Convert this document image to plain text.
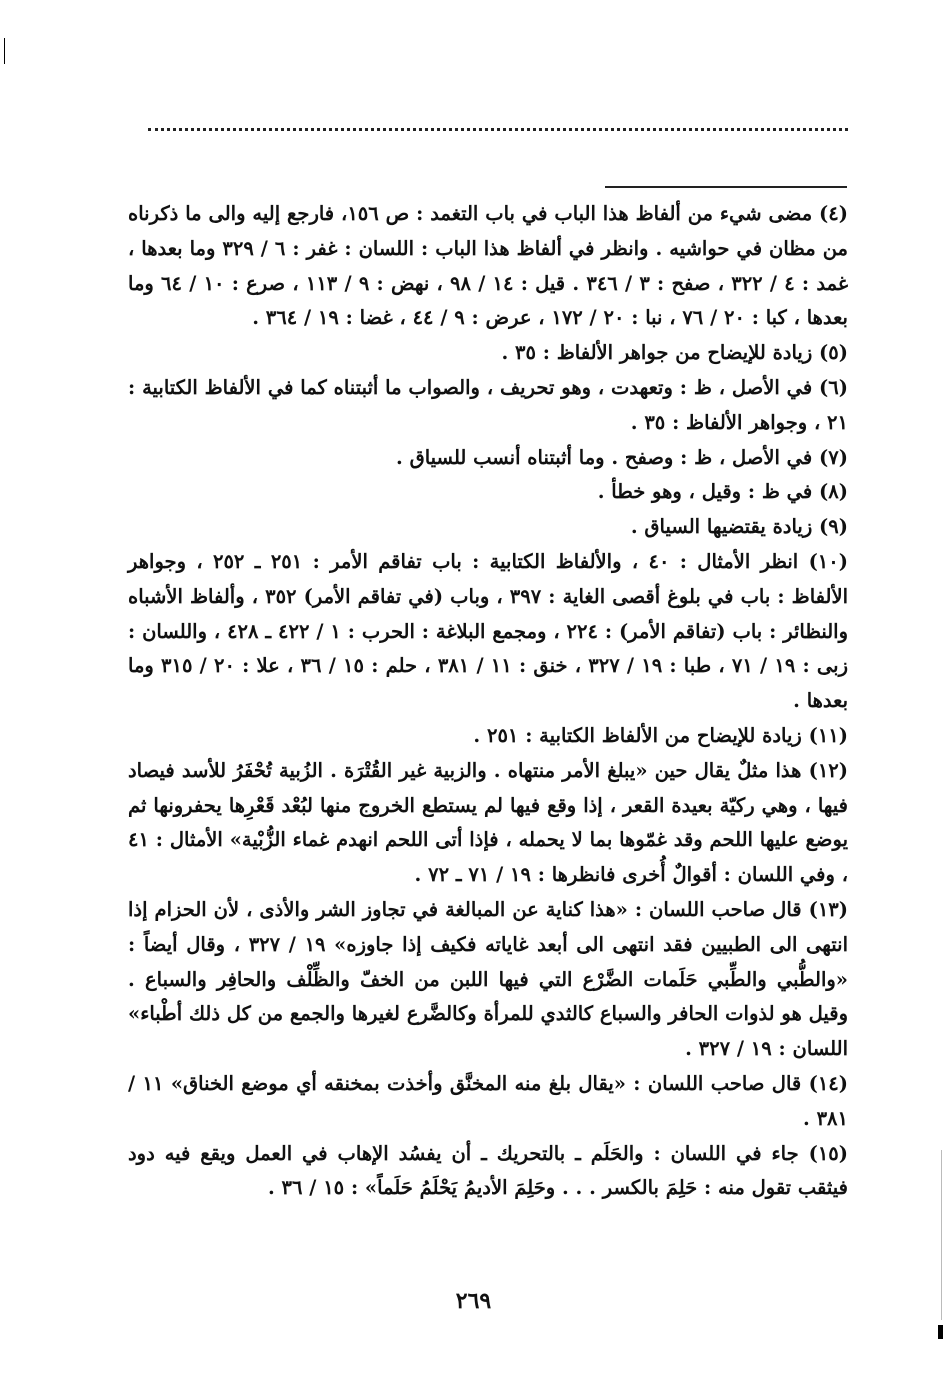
(٤) مضى شيء من ألفاظ هذا الباب في باب التغمد : ص ١٥٦، فارجع إليه والى ما ذكرناه من مظان في حواشيه . وانظر في ألفاظ هذا الباب : اللسان : غفر : ٦ / ٣٢٩ وما بعدها ، غمد : ٤ / ٣٢٢ ، صفح : ٣ / ٣٤٦ . قيل : ١٤ / ٩٨ ، نهض : ٩ / ١١٣ ، صرع : ١٠ / ٦٤ وما بعدها ، كبا : ٢٠ / ٧٦ ، نبا : ٢٠ / ١٧٢ ، عرض : ٩ / ٤٤ ، غضا : ١٩ / ٣٦٤ .

(٥) زيادة للإيضاح من جواهر الألفاظ : ٣٥ .

(٦) في الأصل ، ظ : وتعهدت ، وهو تحريف ، والصواب ما أثبتناه كما في الألفاظ الكتابية : ٢١ ، وجواهر الألفاظ : ٣٥ .

(٧) في الأصل ، ظ : وصفح . وما أثبتناه أنسب للسياق .

(٨) في ظ : وقيل ، وهو خطأ .

(٩) زيادة يقتضيها السياق .

(١٠) انظر الأمثال : ٤٠ ، والألفاظ الكتابية : باب تفاقم الأمر : ٢٥١ ـ ٢٥٢ ، وجواهر الألفاظ : باب في بلوغ أقصى الغاية : ٣٩٧ ، وباب (في تفاقم الأمر) ٣٥٢ ، وألفاظ الأشباه والنظائر : باب (تفاقم الأمر) : ٢٢٤ ، ومجمع البلاغة : الحرب : ١ / ٤٢٢ ـ ٤٢٨ ، واللسان : زبى : ١٩ / ٧١ ، طبا : ١٩ / ٣٢٧ ، خنق : ١١ / ٣٨١ ، حلم : ١٥ / ٣٦ ، علا : ٢٠ / ٣١٥ وما بعدها .

(١١) زيادة للإيضاح من الألفاظ الكتابية : ٢٥١ .

(١٢) هذا مثلٌ يقال حين «يبلغ الأمر منتهاه . والزبية غير القُتْرَة . الزُبية تُحْفَرُ للأسد فيصاد فيها ، وهي ركيّة بعيدة القعر ، إذا وقع فيها لم يستطع الخروج منها لبُعْد قَعْرِها يحفرونها ثم يوضع عليها اللحم وقد غمّوها بما لا يحمله ، فإذا أتى اللحم انهدم غماء الزُّبْية» الأمثال : ٤١ ، وفي اللسان : أقوالٌ أُخرى فانظرها : ١٩ / ٧١ ـ ٧٢ .

(١٣) قال صاحب اللسان : «هذا كناية عن المبالغة في تجاوز الشر والأذى ، لأن الحزام إذا انتهى الى الطبيين فقد انتهى الى أبعد غاياته فكيف إذا جاوزه» ١٩ / ٣٢٧ ، وقال أيضاً : «والطُّبي والطِّبي حَلَمات الضَّرْع التي فيها اللبن من الخفّ والظِّلْف والحافِر والسباع . وقيل هو لذوات الحافر والسباع كالثدي للمرأة وكالضَّرع لغيرها والجمع من كل ذلك أطْباء» اللسان : ١٩ / ٣٢٧ .

(١٤) قال صاحب اللسان : «يقال بلغ منه المخنَّق وأخذت بمخنقه أي موضع الخناق» ١١ / ٣٨١ .

(١٥) جاء في اللسان : والحَلَم ـ بالتحريك ـ أن يفسُد الإهاب في العمل ويقع فيه دود فيثقب تقول منه : حَلِمَ بالكسر . . . وحَلِمَ الأديمُ يَحْلَمُ حَلَماً» : ١٥ / ٣٦ .

٢٦٩
